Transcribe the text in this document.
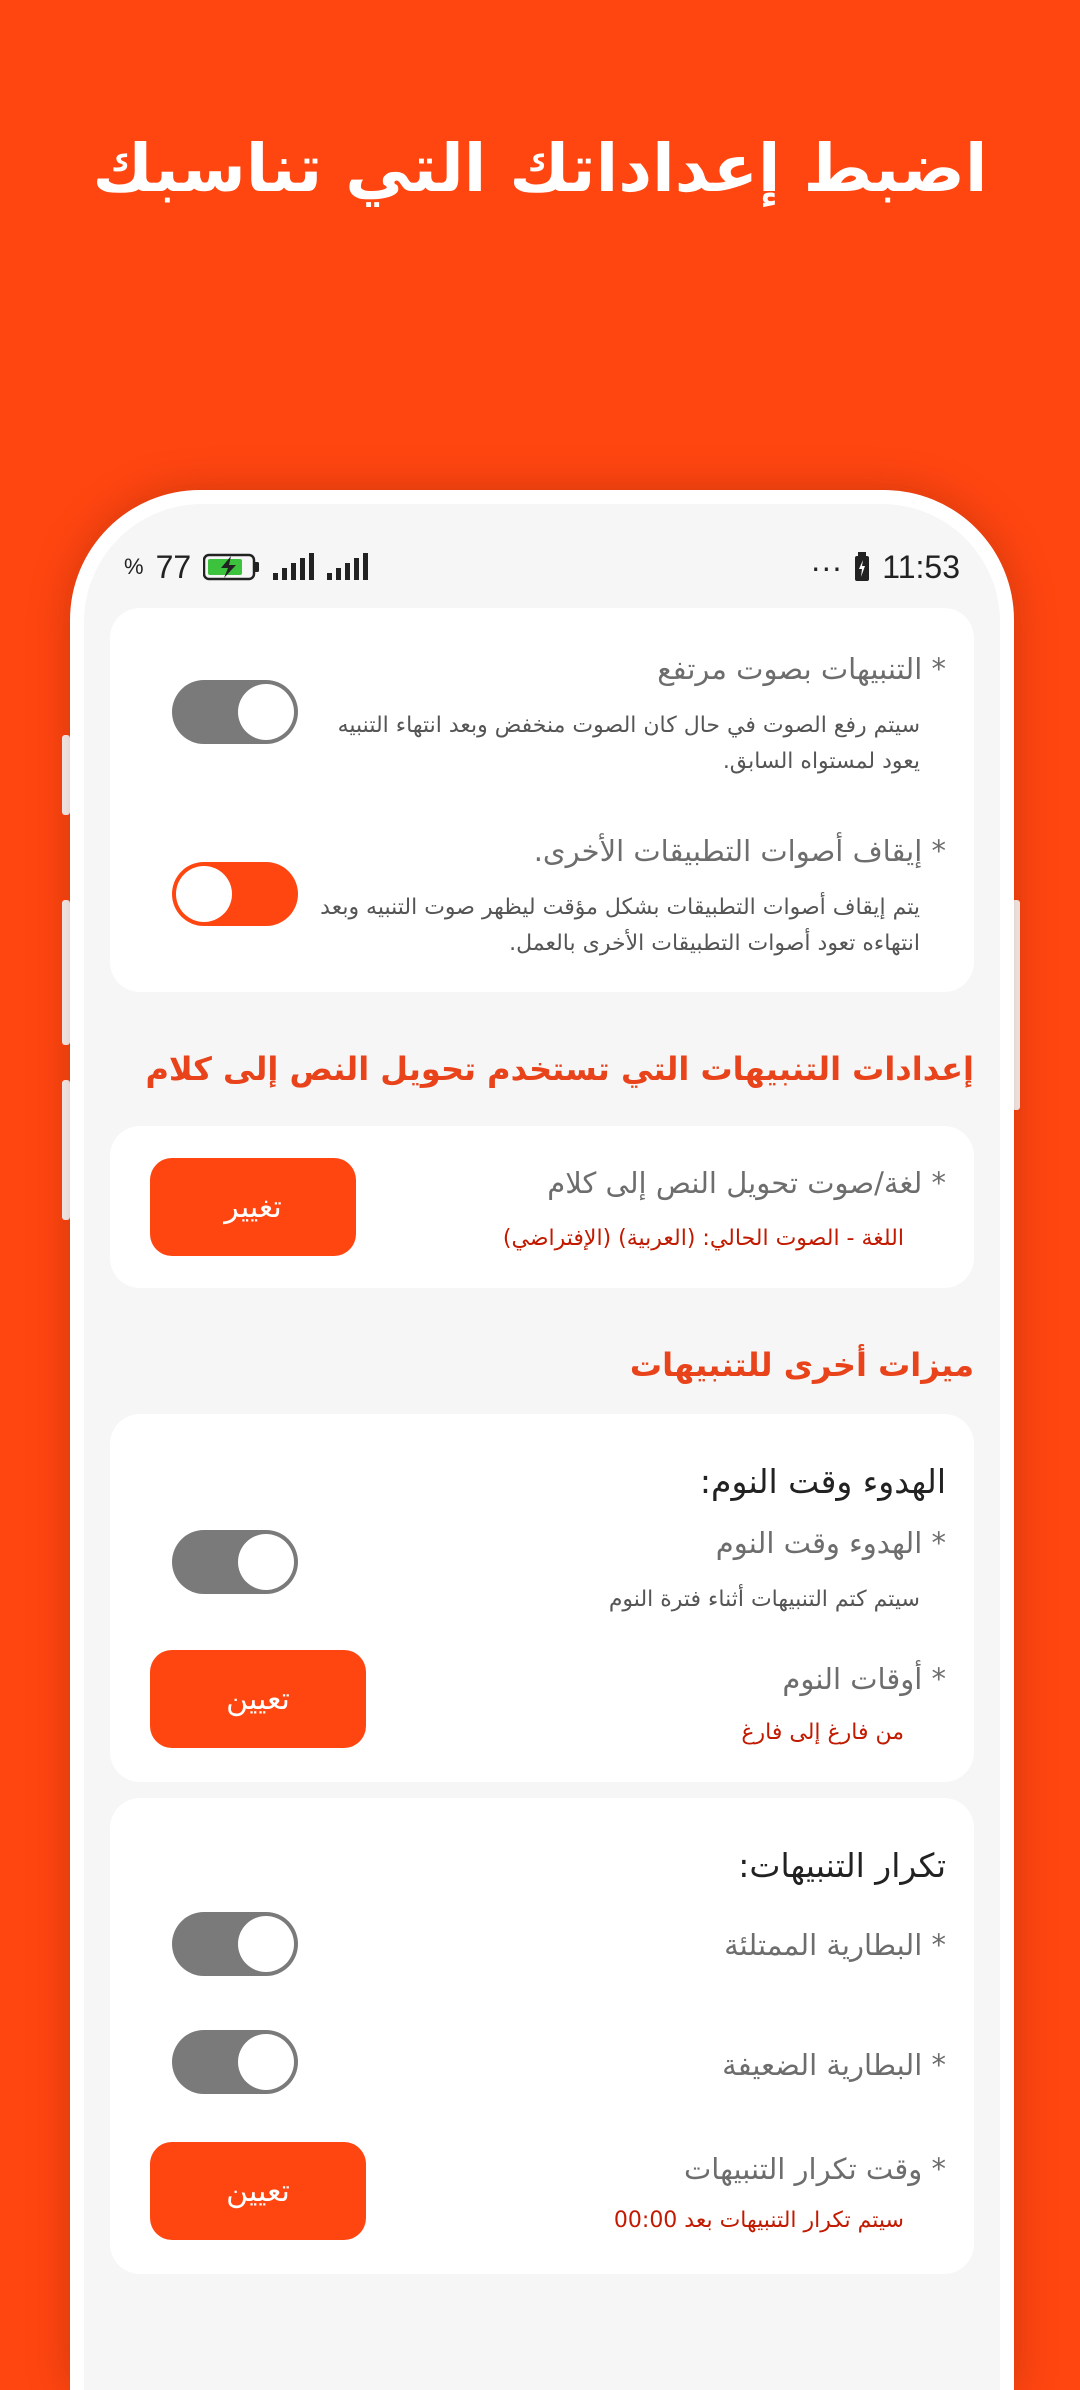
اضبط إعداداتك التي تناسبك
% 77	··· 11:53
* التنبيهات بصوت مرتفع
سيتم رفع الصوت في حال كان الصوت منخفض وبعد انتهاء التنبيه يعود لمستواه السابق.
* إيقاف أصوات التطبيقات الأخرى.
يتم إيقاف أصوات التطبيقات بشكل مؤقت ليظهر صوت التنبيه وبعد انتهاءه تعود أصوات التطبيقات الأخرى بالعمل.
إعدادات التنبيهات التي تستخدم تحويل النص إلى كلام
* لغة/صوت تحويل النص إلى كلام
اللغة - الصوت الحالي: (العربية) (الإفتراضي)
تغيير
ميزات أخرى للتنبيهات
الهدوء وقت النوم:
* الهدوء وقت النوم
سيتم كتم التنبيهات أثناء فترة النوم
* أوقات النوم
من فارغ إلى فارغ
تعيين
تكرار التنبيهات:
* البطارية الممتلئة
* البطارية الضعيفة
* وقت تكرار التنبيهات
سيتم تكرار التنبيهات بعد 00:00
تعيين
